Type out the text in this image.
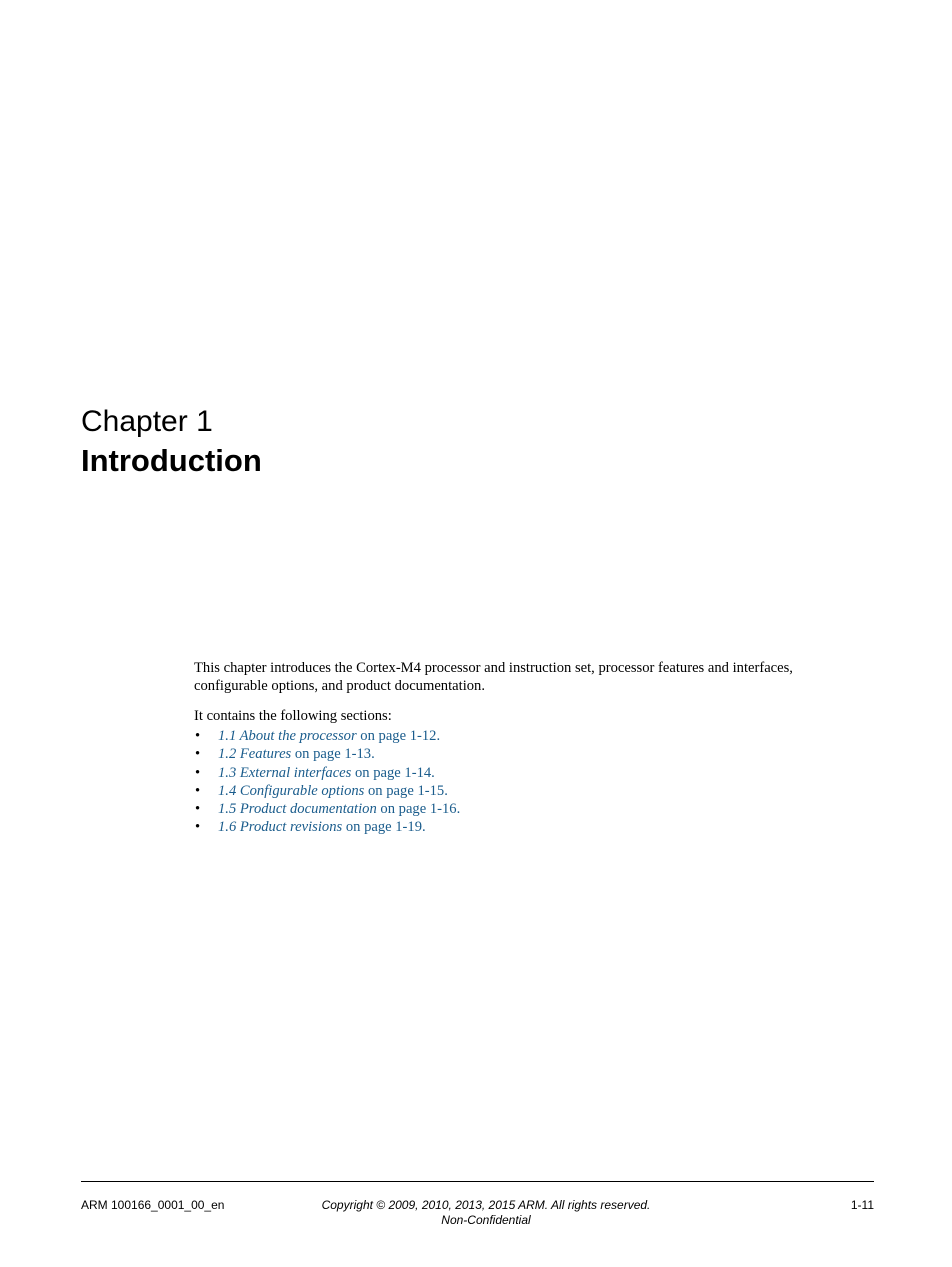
Chapter 1
Introduction

This chapter introduces the Cortex-M4 processor and instruction set, processor features and interfaces, configurable options, and product documentation.

It contains the following sections:

• 1.1 About the processor on page 1-12.
• 1.2 Features on page 1-13.
• 1.3 External interfaces on page 1-14.
• 1.4 Configurable options on page 1-15.
• 1.5 Product documentation on page 1-16.
• 1.6 Product revisions on page 1-19.
ARM 100166_0001_00_en	Copyright © 2009, 2010, 2013, 2015 ARM. All rights reserved.
Non-Confidential
1-11
